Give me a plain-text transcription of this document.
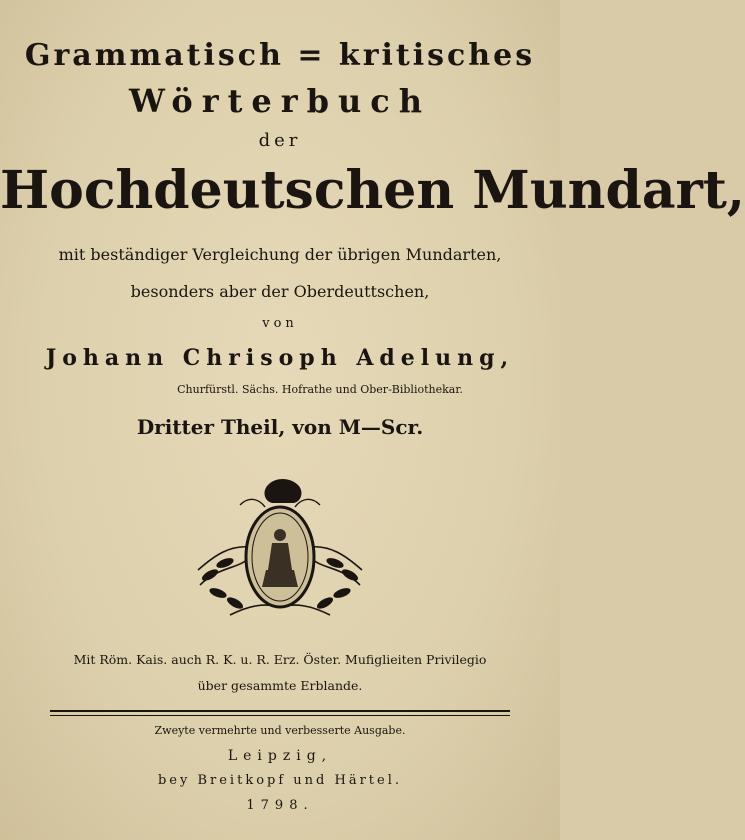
Grammatisch = kritisches
Wörterbuch
der
Hochdeutschen Mundart,
mit beständiger Vergleichung der übrigen Mundarten,
besonders aber der Oberdeuttschen,
von
Johann Chrisoph Adelung,
Churfürstl. Sächs. Hofrathe und Ober-Bibliothekar.
Dritter Theil, von M—Scr.
Mit Röm. Kais. auch R. K. u. R. Erz. Öster. Mufiglieiten Privilegio
über gesammte Erblande.
Zweyte vermehrte und verbesserte Ausgabe.
Leipzig,
bey Breitkopf und Härtel.
1798.
